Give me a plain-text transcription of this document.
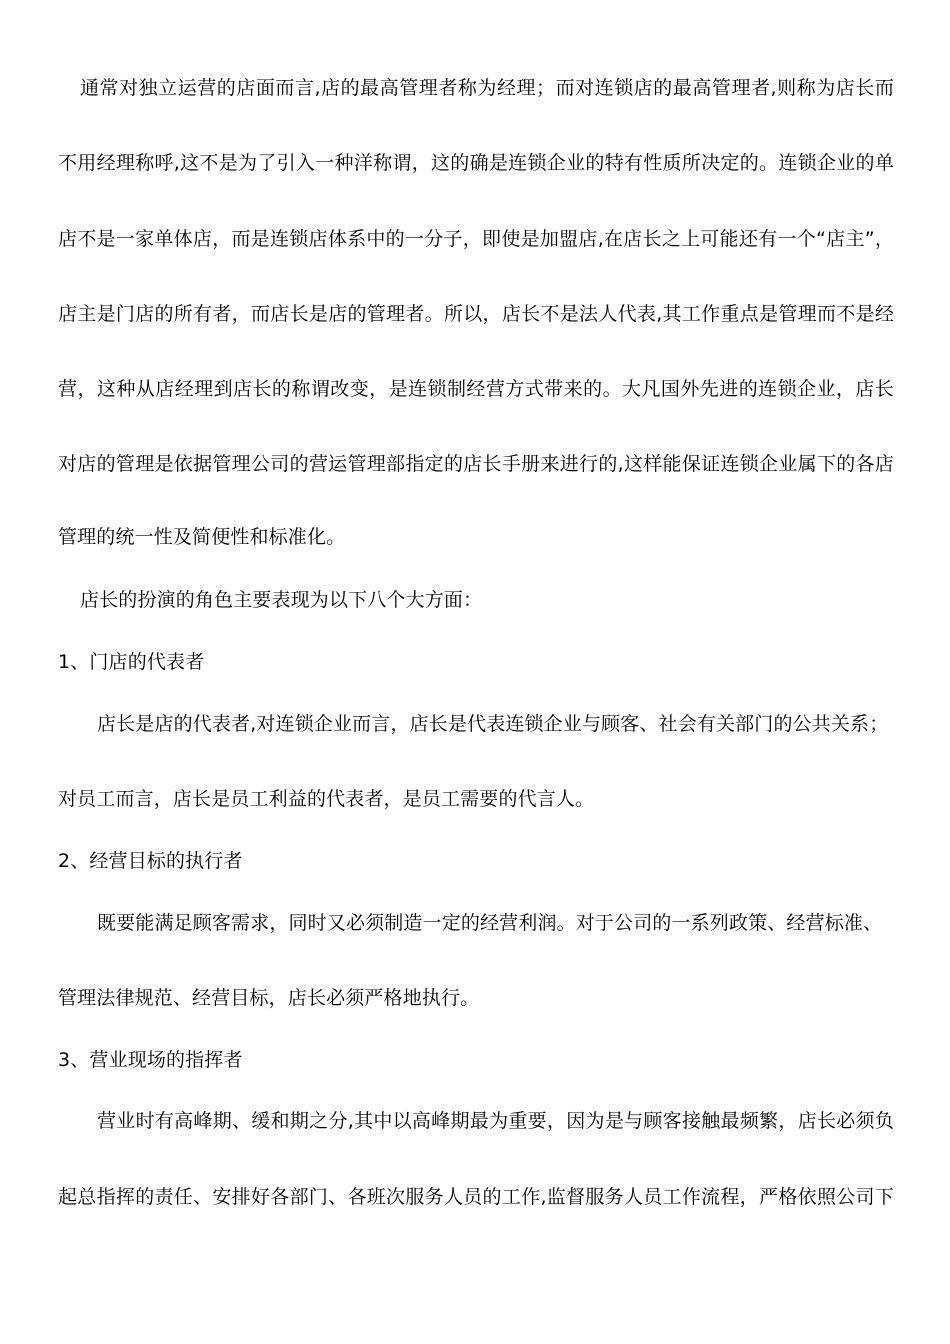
通常对独立运营的店面而言,店的最高管理者称为经理；而对连锁店的最高管理者,则称为店长而
不用经理称呼,这不是为了引入一种洋称谓，这的确是连锁企业的特有性质所决定的。连锁企业的单
店不是一家单体店，而是连锁店体系中的一分子，即使是加盟店,在店长之上可能还有一个“店主”，
店主是门店的所有者，而店长是店的管理者。所以，店长不是法人代表,其工作重点是管理而不是经
营，这种从店经理到店长的称谓改变，是连锁制经营方式带来的。大凡国外先进的连锁企业，店长
对店的管理是依据管理公司的营运管理部指定的店长手册来进行的,这样能保证连锁企业属下的各店
管理的统一性及简便性和标准化。
店长的扮演的角色主要表现为以下八个大方面：
1、门店的代表者
店长是店的代表者,对连锁企业而言，店长是代表连锁企业与顾客、社会有关部门的公共关系；
对员工而言，店长是员工利益的代表者，是员工需要的代言人。
2、经营目标的执行者
既要能满足顾客需求，同时又必须制造一定的经营利润。对于公司的一系列政策、经营标准、
管理法律规范、经营目标，店长必须严格地执行。
3、营业现场的指挥者
营业时有高峰期、缓和期之分,其中以高峰期最为重要，因为是与顾客接触最频繁，店长必须负
起总指挥的责任、安排好各部门、各班次服务人员的工作,监督服务人员工作流程，严格依照公司下
